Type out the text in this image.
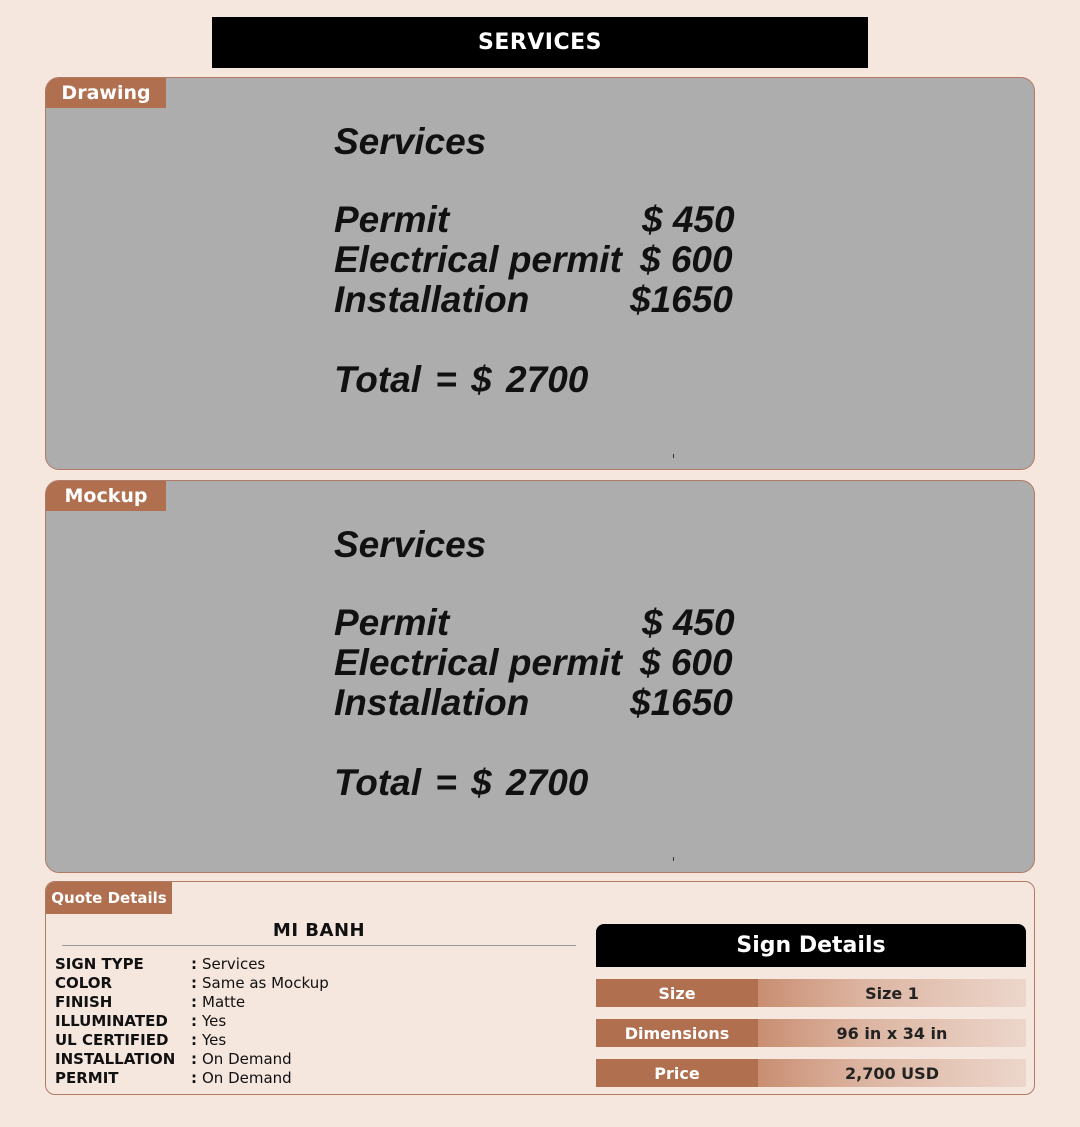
SERVICES
Drawing
Services
Permit	$ 450
Electrical permit $ 600
Installation	$1650
Total = $ 2700
Mockup
Services
Permit	$ 450
Electrical permit $ 600
Installation	$1650
Total = $ 2700
Quote Details
MI BANH
SIGN TYPE	: Services
COLOR	: Same as Mockup
FINISH	: Matte
ILLUMINATED	: Yes
UL CERTIFIED	: Yes
INSTALLATION	: On Demand
PERMIT	: On Demand
Sign Details
Size	Size 1
Dimensions	96 in x 34 in
Price	2,700 USD
